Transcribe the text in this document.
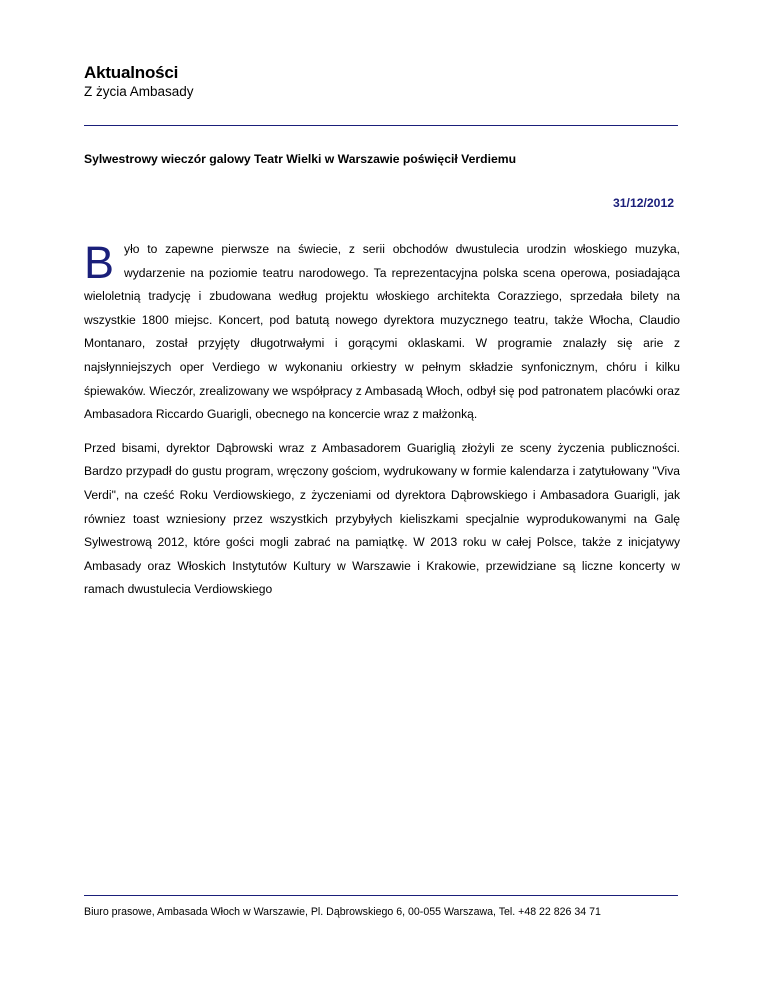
Aktualności
Z życia Ambasady
Sylwestrowy wieczór galowy Teatr Wielki w Warszawie poświęcił Verdiemu
31/12/2012

Było to zapewne pierwsze na świecie, z serii obchodów dwustulecia urodzin włoskiego muzyka, wydarzenie na poziomie teatru narodowego. Ta reprezentacyjna polska scena operowa, posiadająca wieloletnią tradycję i zbudowana według projektu włoskiego architekta Corazziego, sprzedała bilety na wszystkie 1800 miejsc. Koncert, pod batutą nowego dyrektora muzycznego teatru, także Włocha, Claudio Montanaro, został przyjęty długotrwałymi i gorącymi oklaskami. W programie znalazły się arie z najsłynniejszych oper Verdiego w wykonaniu orkiestry w pełnym składzie synfonicznym, chóru i kilku śpiewaków. Wieczór, zrealizowany we współpracy z Ambasadą Włoch, odbył się pod patronatem placówki oraz Ambasadora Riccardo Guarigli, obecnego na koncercie wraz z małżonką.

Przed bisami, dyrektor Dąbrowski wraz z Ambasadorem Guariglią złożyli ze sceny życzenia publiczności. Bardzo przypadł do gustu program, wręczony gościom, wydrukowany w formie kalendarza i zatytułowany "Viva Verdi", na cześć Roku Verdiowskiego, z życzeniami od dyrektora Dąbrowskiego i Ambasadora Guarigli, jak równiez toast wzniesiony przez wszystkich przybyłych kieliszkami specjalnie wyprodukowanymi na Galę Sylwestrową 2012, które gości mogli zabrać na pamiątkę. W 2013 roku w całej Polsce, także z inicjatywy Ambasady oraz Włoskich Instytutów Kultury w Warszawie i Krakowie, przewidziane są liczne koncerty w ramach dwustulecia Verdiowskiego

Biuro prasowe, Ambasada Włoch w Warszawie, Pl. Dąbrowskiego 6, 00-055 Warszawa, Tel. +48 22 826 34 71
